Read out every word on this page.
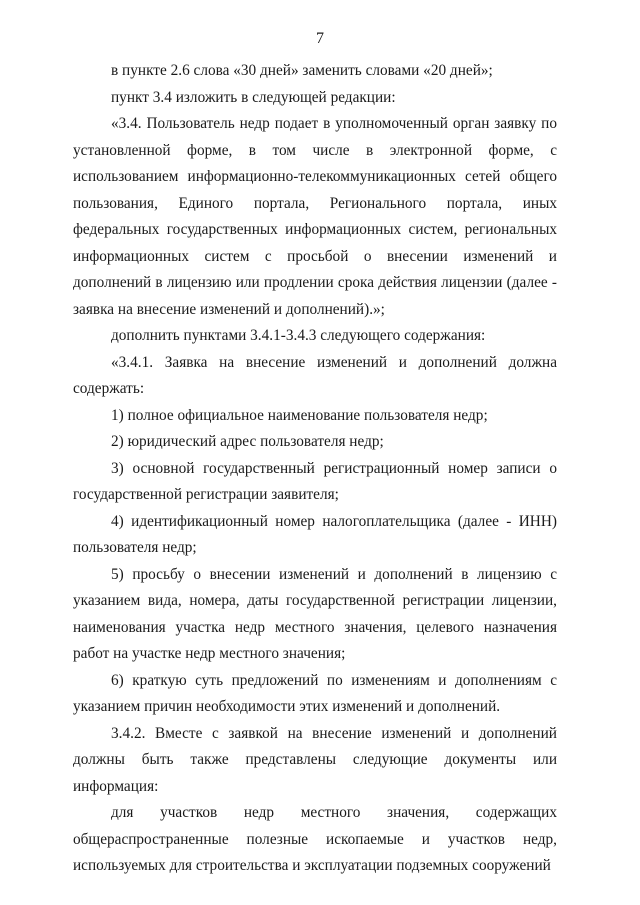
7

в пункте 2.6 слова «30 дней» заменить словами «20 дней»;

пункт 3.4 изложить в следующей редакции:

«3.4. Пользователь недр подает в уполномоченный орган заявку по установленной форме, в том числе в электронной форме, с использованием информационно-телекоммуникационных сетей общего пользования, Единого портала, Регионального портала, иных федеральных государственных информационных систем, региональных информационных систем с просьбой о внесении изменений и дополнений в лицензию или продлении срока действия лицензии (далее - заявка на внесение изменений и дополнений).»;

дополнить пунктами 3.4.1-3.4.3 следующего содержания:

«3.4.1. Заявка на внесение изменений и дополнений должна содержать:

1) полное официальное наименование пользователя недр;

2) юридический адрес пользователя недр;

3) основной государственный регистрационный номер записи о государственной регистрации заявителя;

4) идентификационный номер налогоплательщика (далее - ИНН) пользователя недр;

5) просьбу о внесении изменений и дополнений в лицензию с указанием вида, номера, даты государственной регистрации лицензии, наименования участка недр местного значения, целевого назначения работ на участке недр местного значения;

6) краткую суть предложений по изменениям и дополнениям с указанием причин необходимости этих изменений и дополнений.

3.4.2. Вместе с заявкой на внесение изменений и дополнений должны быть также представлены следующие документы или информация:

для участков недр местного значения, содержащих общераспространенные полезные ископаемые и участков недр, используемых для строительства и эксплуатации подземных сооружений
